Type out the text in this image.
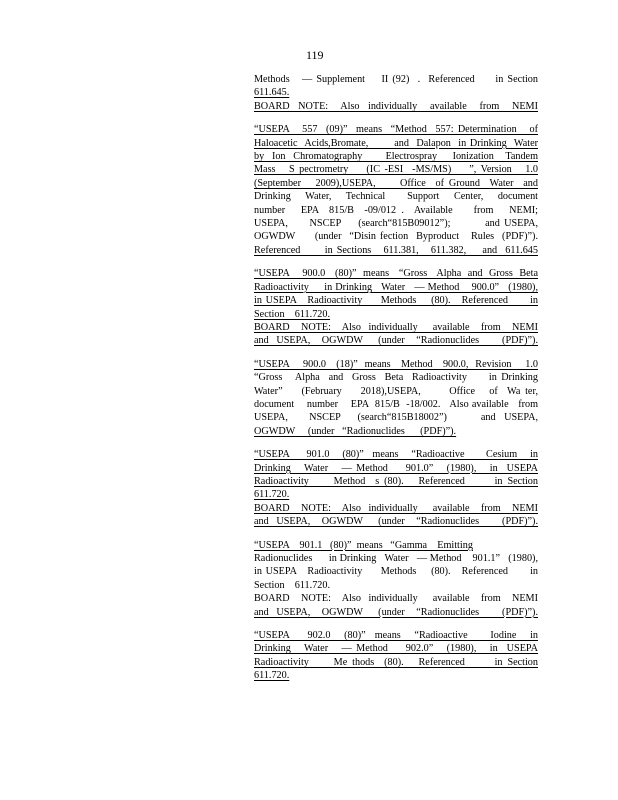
119
Methods   — Supplement    II (92)  .  Referenced     in Section
611.645.
BOARD  NOTE:   Also  individually   available   from   NEMI
“USEPA   557  (09)”  means  “Method  557: Determination   of
Haloacetic  Acids,Bromate,       and  Dalapon  in Drinking  Water
by  Ion  Chromatography      Electrospray    Ionization   Tandem
Mass   S pectrometry    (IC -ESI  -MS/MS)    ”, Version   1.0
(September   2009),USEPA,     Office  of Ground  Water  and
Drinking  Water,  Technical   Support  Center,  document
number   EPA  815/B  -09/012 .  Available    from   NEMI;
USEPA,     NSCEP    (search“815B09012”);        and USEPA,
OGWDW     (under  “Disin fection  Byproduct   Rules  (PDF)”).
Referenced      in Sections   611.381,   611.382,    and  611.645
“USEPA    900.0   (80)”  means   “Gross   Alpha  and  Gross  Beta
Radioactivity     in Drinking   Water   — Method    900.0”   (1980),
in USEPA   Radioactivity     Methods    (80).   Referenced      in
Section    611.720.
BOARD   NOTE:   Also  individually    available   from   NEMI
and  USEPA,   OGWDW    (under   “Radionuclides      (PDF)”).
“USEPA    900.0   (18)”  means   Method   900.0,  Revision    1.0
“Gross   Alpha  and  Gross  Beta  Radioactivity     in Drinking
Water”    (February    2018),USEPA,      Office   of  Wa ter,
document    number    EPA  815/B  -18/002.   Also available   from
USEPA,     NSCEP    (search“815B18002”)        and  USEPA,
OGWDW     (under   “Radionuclides      (PDF)”).
“USEPA    901.0   (80)”  means   “Radioactive     Cesium   in
Drinking   Water   — Method    901.0”   (1980),   in  USEPA
Radioactivity     Method  s (80).   Referenced      in Section
611.720.
BOARD   NOTE:   Also  individually    available   from   NEMI
and  USEPA,   OGWDW    (under   “Radionuclides      (PDF)”).
“USEPA    901.1   (80)”  means   “Gamma    Emitting
Radionuclides      in Drinking   Water   — Method    901.1”   (1980),
in USEPA   Radioactivity     Methods    (80).   Referenced      in
Section    611.720.
BOARD   NOTE:   Also  individually    available   from   NEMI
and  USEPA,   OGWDW    (under   “Radionuclides      (PDF)”).
“USEPA    902.0   (80)”  means   “Radioactive     Iodine   in
Drinking   Water   — Method    902.0”   (1980),   in  USEPA
Radioactivity     Me thods  (80).   Referenced      in Section
611.720.
